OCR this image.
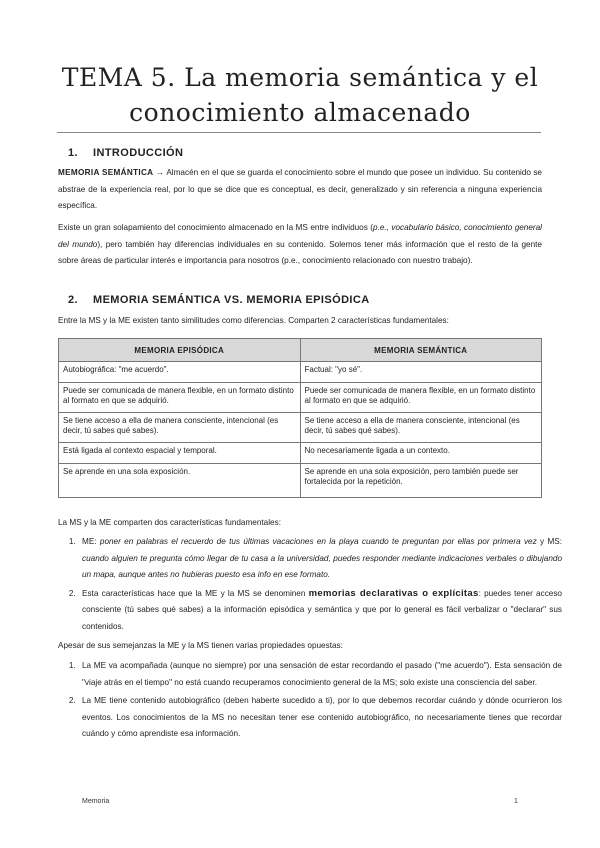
TEMA 5. La memoria semántica y el conocimiento almacenado
1. INTRODUCCIÓN
MEMORIA SEMÁNTICA → Almacén en el que se guarda el conocimiento sobre el mundo que posee un individuo. Su contenido se abstrae de la experiencia real, por lo que se dice que es conceptual, es decir, generalizado y sin referencia a ninguna experiencia específica.
Existe un gran solapamiento del conocimiento almacenado en la MS entre individuos (p.e., vocabulario básico, conocimiento general del mundo), pero también hay diferencias individuales en su contenido. Solemos tener más información que el resto de la gente sobre áreas de particular interés e importancia para nosotros (p.e., conocimiento relacionado con nuestro trabajo).
2. MEMORIA SEMÁNTICA VS. MEMORIA EPISÓDICA
Entre la MS y la ME existen tanto similitudes como diferencias. Comparten 2 características fundamentales:
MEMORIA EPISÓDICA	MEMORIA SEMÁNTICA
Autobiográfica: "me acuerdo".	Factual: "yo sé".
Puede ser comunicada de manera flexible, en un formato distinto al formato en que se adquirió.	Puede ser comunicada de manera flexible, en un formato distinto al formato en que se adquirió.
Se tiene acceso a ella de manera consciente, intencional (es decir, tú sabes qué sabes).	Se tiene acceso a ella de manera consciente, intencional (es decir, tú sabes qué sabes).
Está ligada al contexto espacial y temporal.	No necesariamente ligada a un contexto.
Se aprende en una sola exposición.	Se aprende en una sola exposición, pero también puede ser fortalecida por la repetición.
La MS y la ME comparten dos características fundamentales:
1. ME: poner en palabras el recuerdo de tus últimas vacaciones en la playa cuando te preguntan por ellas por primera vez y MS: cuando alguien te pregunta cómo llegar de tu casa a la universidad, puedes responder mediante indicaciones verbales o dibujando un mapa, aunque antes no hubieras puesto esa info en ese formato.
2. Esta características hace que la ME y la MS se denominen memorias declarativas o explícitas: puedes tener acceso consciente (tú sabes qué sabes) a la información episódica y semántica y que por lo general es fácil verbalizar o "declarar" sus contenidos.
Apesar de sus semejanzas la ME y la MS tienen varias propiedades opuestas:
1. La ME va acompañada (aunque no siempre) por una sensación de estar recordando el pasado ("me acuerdo"). Esta sensación de "viaje atrás en el tiempo" no está cuando recuperamos conocimiento general de la MS; solo existe una consciencia del saber.
2. La ME tiene contenido autobiográfico (deben haberte sucedido a ti), por lo que debemos recordar cuándo y dónde ocurrieron los eventos. Los conocimientos de la MS no necesitan tener ese contenido autobiográfico, no necesariamente tienes que recordar cuándo y cómo aprendiste esa información.
Memoria	1
